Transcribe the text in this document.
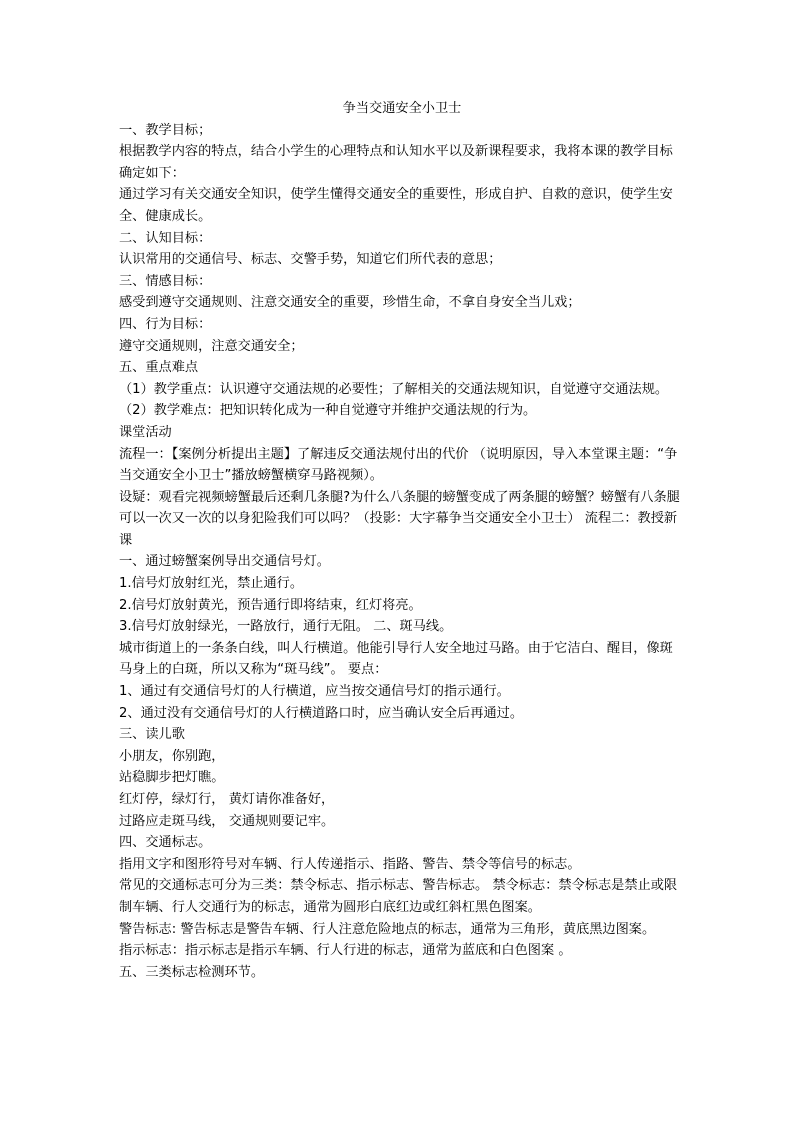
争当交通安全小卫士

一、教学目标；

根据教学内容的特点，结合小学生的心理特点和认知水平以及新课程要求，我将本课的教学目标确定如下：

通过学习有关交通安全知识，使学生懂得交通安全的重要性，形成自护、自救的意识，使学生安全、健康成长。

二、认知目标：

认识常用的交通信号、标志、交警手势，知道它们所代表的意思；

三、情感目标：

感受到遵守交通规则、注意交通安全的重要，珍惜生命，不拿自身安全当儿戏；

四、行为目标：

遵守交通规则，注意交通安全；

五、重点难点

（1）教学重点：认识遵守交通法规的必要性；了解相关的交通法规知识，自觉遵守交通法规。

（2）教学难点：把知识转化成为一种自觉遵守并维护交通法规的行为。

课堂活动

流程一：【案例分析提出主题】了解违反交通法规付出的代价 （说明原因，导入本堂课主题：“争当交通安全小卫士”播放螃蟹横穿马路视频）。

设疑：观看完视频螃蟹最后还剩几条腿?为什么八条腿的螃蟹变成了两条腿的螃蟹？螃蟹有八条腿可以一次又一次的以身犯险我们可以吗？（投影：大字幕争当交通安全小卫士） 流程二：教授新课

一、通过螃蟹案例导出交通信号灯。

1.信号灯放射红光，禁止通行。

2.信号灯放射黄光，预告通行即将结束，红灯将亮。

3.信号灯放射绿光，一路放行，通行无阻。 二、斑马线。

城市街道上的一条条白线，叫人行横道。他能引导行人安全地过马路。由于它洁白、醒目，像斑马身上的白斑，所以又称为“斑马线”。 要点：

1、通过有交通信号灯的人行横道，应当按交通信号灯的指示通行。

2、通过没有交通信号灯的人行横道路口时，应当确认安全后再通过。

三、读儿歌

小朋友，你别跑，

站稳脚步把灯瞧。

红灯停，绿灯行， 黄灯请你准备好，

过路应走斑马线， 交通规则要记牢。

四、交通标志。

指用文字和图形符号对车辆、行人传递指示、指路、警告、禁令等信号的标志。

常见的交通标志可分为三类：禁令标志、指示标志、警告标志。 禁令标志：禁令标志是禁止或限制车辆、行人交通行为的标志，通常为圆形白底红边或红斜杠黑色图案。

警告标志: 警告标志是警告车辆、行人注意危险地点的标志，通常为三角形，黄底黑边图案。

指示标志：指示标志是指示车辆、行人行进的标志，通常为蓝底和白色图案 。

五、三类标志检测环节。
